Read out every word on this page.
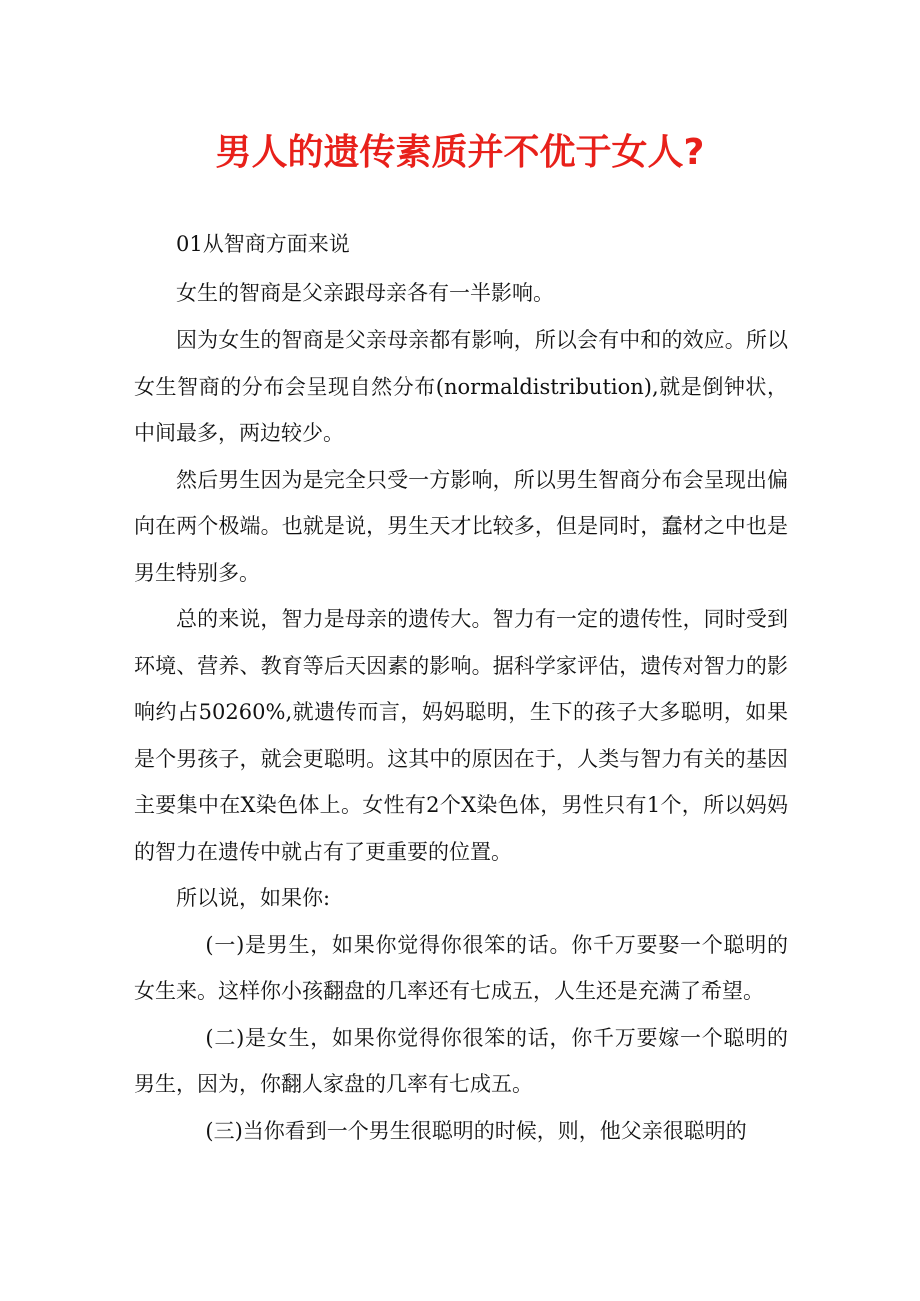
男人的遗传素质并不优于女人?

01从智商方面来说

女生的智商是父亲跟母亲各有一半影响。

因为女生的智商是父亲母亲都有影响，所以会有中和的效应。所以女生智商的分布会呈现自然分布(normaldistribution),就是倒钟状，中间最多，两边较少。

然后男生因为是完全只受一方影响，所以男生智商分布会呈现出偏向在两个极端。也就是说，男生天才比较多，但是同时，蠢材之中也是男生特别多。

总的来说，智力是母亲的遗传大。智力有一定的遗传性，同时受到环境、营养、教育等后天因素的影响。据科学家评估，遗传对智力的影响约占50260%,就遗传而言，妈妈聪明，生下的孩子大多聪明，如果是个男孩子，就会更聪明。这其中的原因在于，人类与智力有关的基因主要集中在X染色体上。女性有2个X染色体，男性只有1个，所以妈妈的智力在遗传中就占有了更重要的位置。

所以说，如果你:

(一)是男生，如果你觉得你很笨的话。你千万要娶一个聪明的女生来。这样你小孩翻盘的几率还有七成五，人生还是充满了希望。

(二)是女生，如果你觉得你很笨的话，你千万要嫁一个聪明的男生，因为，你翻人家盘的几率有七成五。

(三)当你看到一个男生很聪明的时候，则，他父亲很聪明的
